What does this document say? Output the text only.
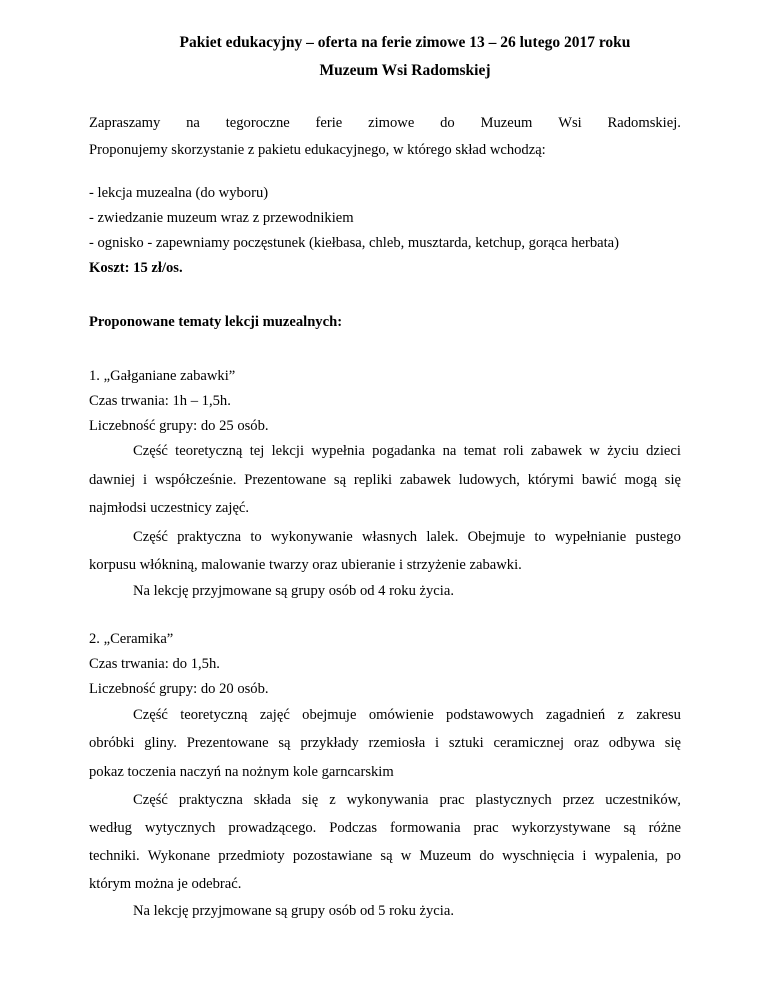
Pakiet edukacyjny – oferta na ferie zimowe 13 – 26 lutego 2017 roku
Muzeum Wsi Radomskiej
Zapraszamy na tegoroczne ferie zimowe do Muzeum Wsi Radomskiej.
Proponujemy skorzystanie z pakietu edukacyjnego, w którego skład wchodzą:
- lekcja muzealna (do wyboru)
- zwiedzanie muzeum wraz z przewodnikiem
- ognisko - zapewniamy poczęstunek (kiełbasa, chleb, musztarda, ketchup, gorąca herbata)
Koszt: 15 zł/os.
Proponowane tematy lekcji muzealnych:
1. „Gałganiane zabawki”
Czas trwania: 1h – 1,5h.
Liczebność grupy: do 25 osób.
Część teoretyczną tej lekcji wypełnia pogadanka na temat roli zabawek w życiu dzieci
dawniej i współcześnie. Prezentowane są repliki zabawek ludowych, którymi bawić mogą się
najmłodsi uczestnicy zajęć.
Część praktyczna to wykonywanie własnych lalek. Obejmuje to wypełnianie pustego
korpusu włókniną, malowanie twarzy oraz ubieranie i strzyżenie zabawki.
Na lekcję przyjmowane są grupy osób od 4 roku życia.
2. „Ceramika”
Czas trwania: do 1,5h.
Liczebność grupy: do 20 osób.
Część teoretyczną zajęć obejmuje omówienie podstawowych zagadnień z zakresu
obróbki gliny. Prezentowane są przykłady rzemiosła i sztuki ceramicznej oraz odbywa się
pokaz toczenia naczyń na nożnym kole garncarskim
Część praktyczna składa się z wykonywania prac plastycznych przez uczestników,
według wytycznych prowadzącego. Podczas formowania prac wykorzystywane są różne
techniki. Wykonane przedmioty pozostawiane są w Muzeum do wyschnięcia i wypalenia, po
którym można je odebrać.
Na lekcję przyjmowane są grupy osób od 5 roku życia.
